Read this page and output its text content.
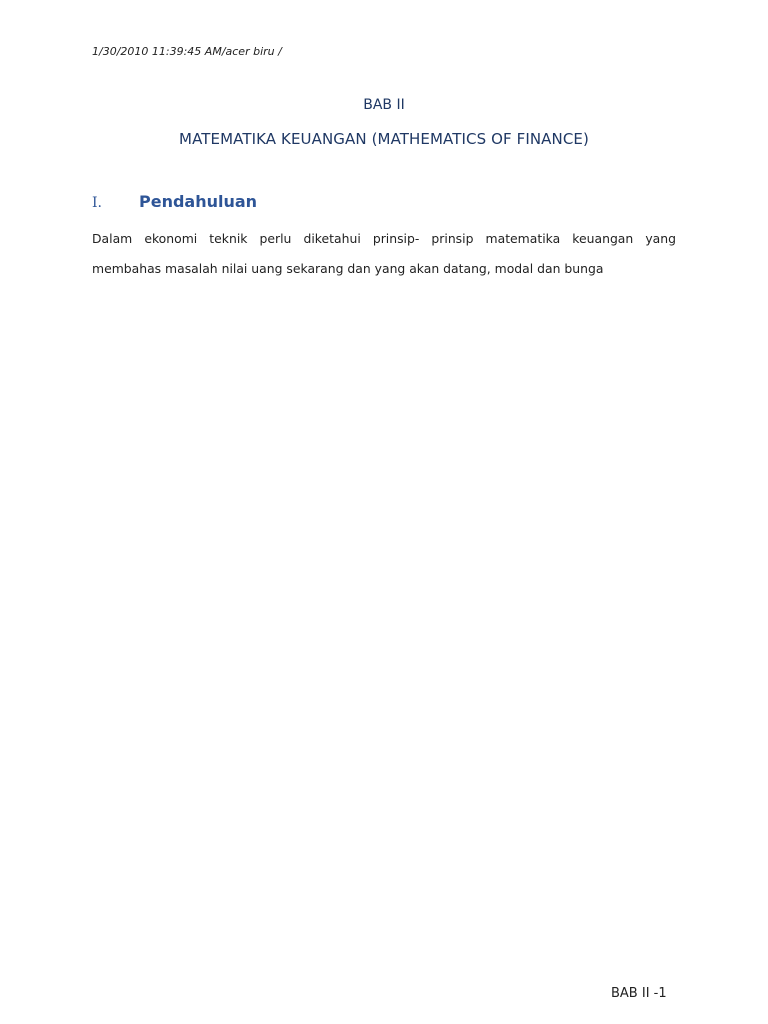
1/30/2010 11:39:45 AM/acer biru /
BAB II
MATEMATIKA KEUANGAN (MATHEMATICS OF FINANCE)
I.	Pendahuluan
Dalam ekonomi teknik perlu diketahui prinsip- prinsip matematika keuangan yang
membahas masalah nilai uang sekarang dan yang akan datang, modal dan bunga
BAB II -1
